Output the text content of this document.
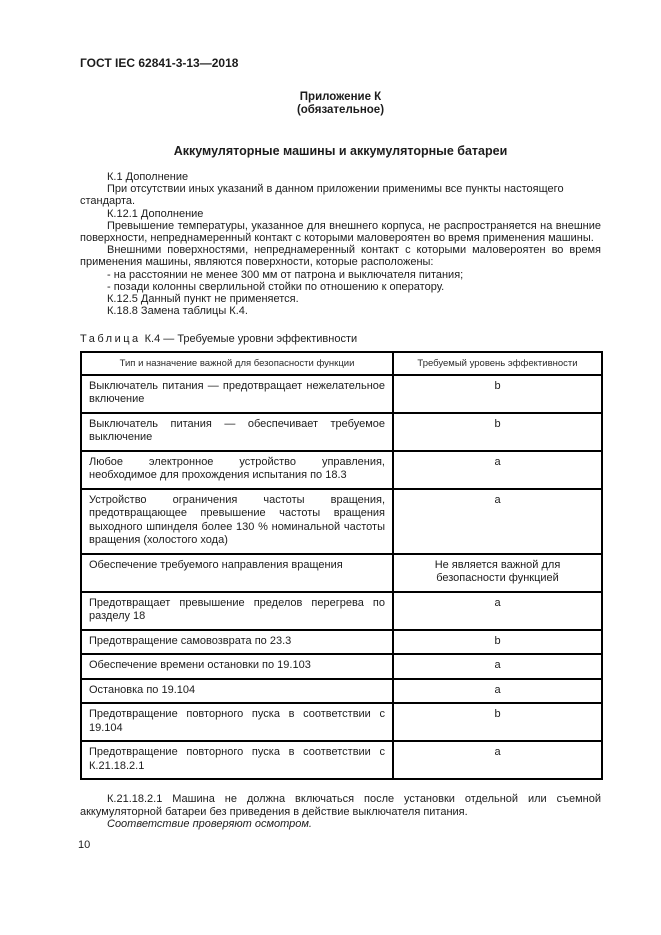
ГОСТ IEC 62841-3-13—2018
Приложение К
(обязательное)
Аккумуляторные машины и аккумуляторные батареи

К.1 Дополнение

При отсутствии иных указаний в данном приложении применимы все пункты настоящего стандарта.

К.12.1 Дополнение

Превышение температуры, указанное для внешнего корпуса, не распространяется на внешние поверхности, непреднамеренный контакт с которыми маловероятен во время применения машины.

Внешними поверхностями, непреднамеренный контакт с которыми маловероятен во время применения машины, являются поверхности, которые расположены:

- на расстоянии не менее 300 мм от патрона и выключателя питания;

- позади колонны сверлильной стойки по отношению к оператору.

К.12.5 Данный пункт не применяется.

К.18.8 Замена таблицы К.4.

Таблица К.4 — Требуемые уровни эффективности

Тип и назначение важной для безопасности функции	Требуемый уровень эффективности
Выключатель питания — предотвращает нежелательное включение	b
Выключатель питания — обеспечивает требуемое выключение	b
Любое электронное устройство управления, необходимое для прохождения испытания по 18.3	a
Устройство ограничения частоты вращения, предотвращающее превышение частоты вращения выходного шпинделя более 130 % номинальной частоты вращения (холостого хода)	a
Обеспечение требуемого направления вращения	Не является важной для безопасности функцией
Предотвращает превышение пределов перегрева по разделу 18	a
Предотвращение самовозврата по 23.3	b
Обеспечение времени остановки по 19.103	a
Остановка по 19.104	a
Предотвращение повторного пуска в соответствии с 19.104	b
Предотвращение повторного пуска в соответствии с К.21.18.2.1	a

К.21.18.2.1 Машина не должна включаться после установки отдельной или съемной аккумуляторной батареи без приведения в действие выключателя питания.

Соответствие проверяют осмотром.

10
